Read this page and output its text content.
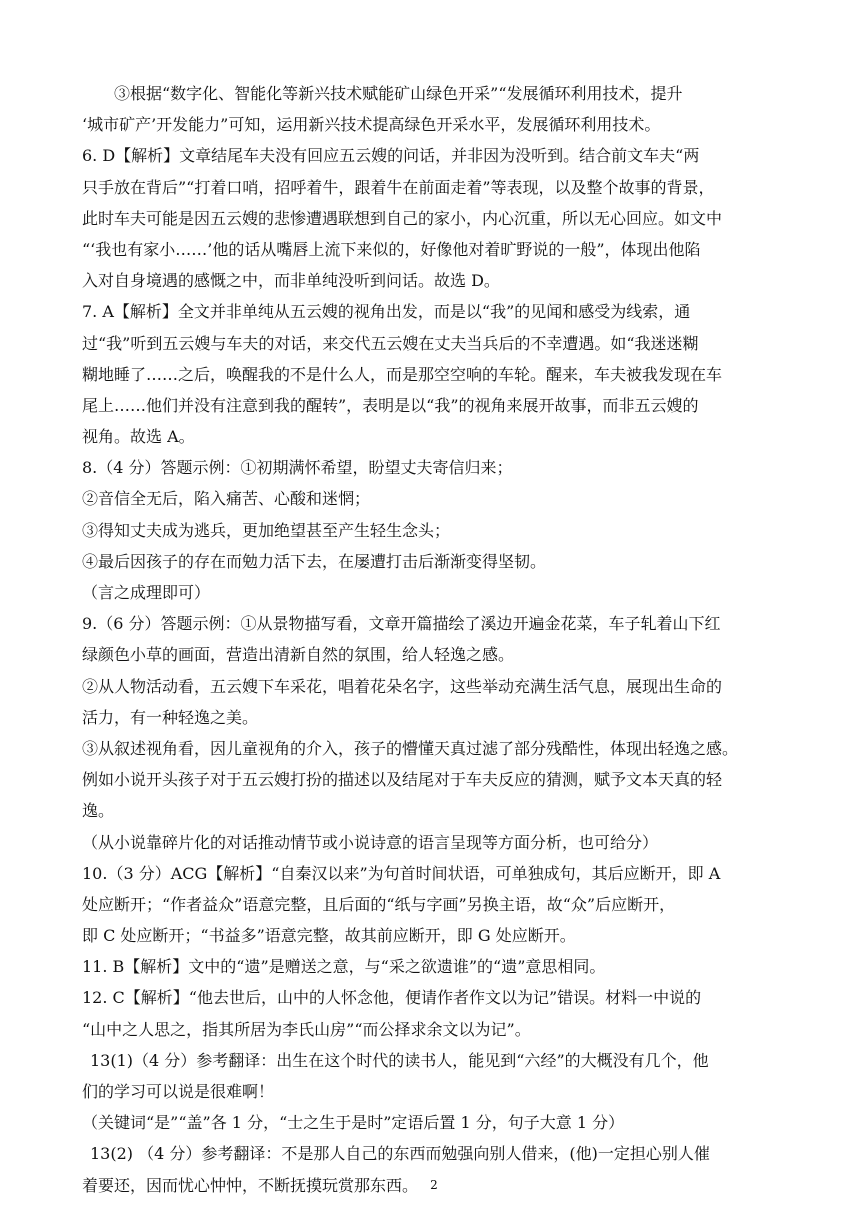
③根据“数字化、智能化等新兴技术赋能矿山绿色开采”“发展循环利用技术，提升
‘城市矿产’开发能力”可知，运用新兴技术提高绿色开采水平，发展循环利用技术。
6. D【解析】文章结尾车夫没有回应五云嫂的问话，并非因为没听到。结合前文车夫“两
只手放在背后”“打着口哨，招呼着牛，跟着牛在前面走着”等表现，以及整个故事的背景，
此时车夫可能是因五云嫂的悲惨遭遇联想到自己的家小，内心沉重，所以无心回应。如文中
“‘我也有家小……’他的话从嘴唇上流下来似的，好像他对着旷野说的一般”，体现出他陷
入对自身境遇的感慨之中，而非单纯没听到问话。故选 D。
7. A【解析】全文并非单纯从五云嫂的视角出发，而是以“我”的见闻和感受为线索，通
过“我”听到五云嫂与车夫的对话，来交代五云嫂在丈夫当兵后的不幸遭遇。如“我迷迷糊
糊地睡了……之后，唤醒我的不是什么人，而是那空空响的车轮。醒来，车夫被我发现在车
尾上……他们并没有注意到我的醒转”，表明是以“我”的视角来展开故事，而非五云嫂的
视角。故选 A。
8.（4 分）答题示例：①初期满怀希望，盼望丈夫寄信归来；
②音信全无后，陷入痛苦、心酸和迷惘；
③得知丈夫成为逃兵，更加绝望甚至产生轻生念头；
④最后因孩子的存在而勉力活下去，在屡遭打击后渐渐变得坚韧。
（言之成理即可）
9.（6 分）答题示例：①从景物描写看，文章开篇描绘了溪边开遍金花菜，车子轧着山下红
绿颜色小草的画面，营造出清新自然的氛围，给人轻逸之感。
②从人物活动看，五云嫂下车采花，唱着花朵名字，这些举动充满生活气息，展现出生命的
活力，有一种轻逸之美。
③从叙述视角看，因儿童视角的介入，孩子的懵懂天真过滤了部分残酷性，体现出轻逸之感。
例如小说开头孩子对于五云嫂打扮的描述以及结尾对于车夫反应的猜测，赋予文本天真的轻
逸。
（从小说靠碎片化的对话推动情节或小说诗意的语言呈现等方面分析，也可给分）
10.（3 分）ACG【解析】“自秦汉以来”为句首时间状语，可单独成句，其后应断开，即 A
处应断开；“作者益众”语意完整，且后面的“纸与字画”另换主语，故“众”后应断开，
即 C 处应断开；“书益多”语意完整，故其前应断开，即 G 处应断开。
11. B【解析】文中的“遗”是赠送之意，与“采之欲遗谁”的“遗”意思相同。
12. C【解析】“他去世后，山中的人怀念他，便请作者作文以为记”错误。材料一中说的
“山中之人思之，指其所居为李氏山房”“而公择求余文以为记”。
13(1)（4 分）参考翻译：出生在这个时代的读书人，能见到“六经”的大概没有几个，他
们的学习可以说是很难啊！
（关键词“是”“盖”各 1 分，“士之生于是时”定语后置 1 分，句子大意 1 分）
13(2) （4 分）参考翻译：不是那人自己的东西而勉强向别人借来，(他)一定担心别人催
着要还，因而忧心忡忡，不断抚摸玩赏那东西。	2
